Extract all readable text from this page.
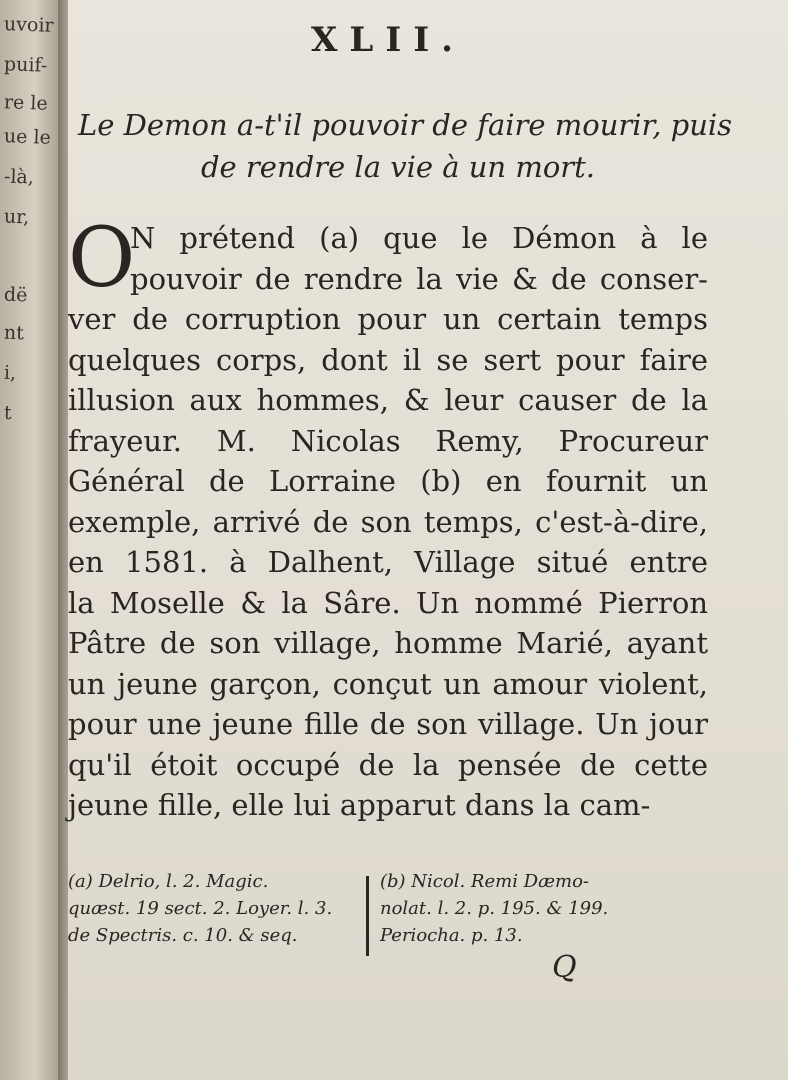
uvoir
puif-
re le
ue le
-là,
ur,
dë
nt
i,
t
XLII.
Le Demon a-t'il pouvoir de faire mourir, puis
de rendre la vie à un mort.
O
N prétend (a) que le Démon à le
pouvoir de rendre la vie & de conser-
ver de corruption pour un certain temps
quelques corps, dont il se sert pour faire
illusion aux hommes, & leur causer de la
frayeur. M. Nicolas Remy, Procureur
Général de Lorraine (b) en fournit un
exemple, arrivé de son temps, c'est-à-dire,
en 1581. à Dalhent, Village situé entre
la Moselle & la Sâre. Un nommé Pierron
Pâtre de son village, homme Marié, ayant
un jeune garçon, conçut un amour violent,
pour une jeune fille de son village. Un jour
qu'il étoit occupé de la pensée de cette
jeune fille, elle lui apparut dans la cam-
(a) Delrio, l. 2. Magic.
quæst. 19 sect. 2. Loyer. l. 3.
de Spectris. c. 10. & seq.
(b) Nicol. Remi Dæmo-
nolat. l. 2. p. 195. & 199.
Periocha. p. 13.
Q
